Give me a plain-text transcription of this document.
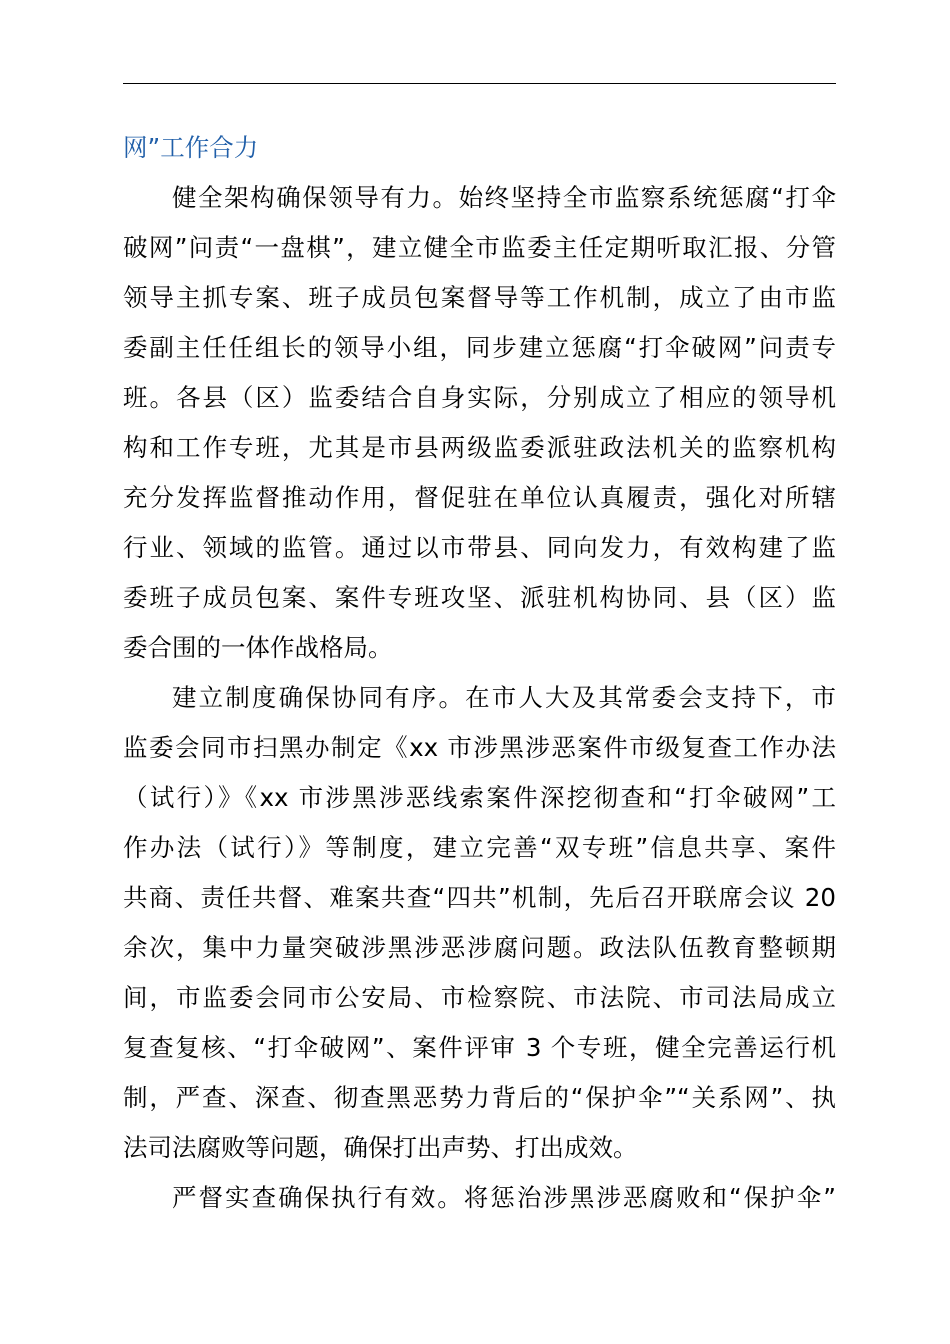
网”工作合力
健全架构确保领导有力。始终坚持全市监察系统惩腐“打伞
破网”问责“一盘棋”，建立健全市监委主任定期听取汇报、分管
领导主抓专案、班子成员包案督导等工作机制，成立了由市监
委副主任任组长的领导小组，同步建立惩腐“打伞破网”问责专
班。各县（区）监委结合自身实际，分别成立了相应的领导机
构和工作专班，尤其是市县两级监委派驻政法机关的监察机构
充分发挥监督推动作用，督促驻在单位认真履责，强化对所辖
行业、领域的监管。通过以市带县、同向发力，有效构建了监
委班子成员包案、案件专班攻坚、派驻机构协同、县（区）监
委合围的一体作战格局。
建立制度确保协同有序。在市人大及其常委会支持下，市
监委会同市扫黑办制定《xx 市涉黑涉恶案件市级复查工作办法
（试行）》《xx 市涉黑涉恶线索案件深挖彻查和“打伞破网”工
作办法（试行）》等制度，建立完善“双专班”信息共享、案件
共商、责任共督、难案共查“四共”机制，先后召开联席会议 20
余次，集中力量突破涉黑涉恶涉腐问题。政法队伍教育整顿期
间，市监委会同市公安局、市检察院、市法院、市司法局成立
复查复核、“打伞破网”、案件评审 3 个专班，健全完善运行机
制，严查、深查、彻查黑恶势力背后的“保护伞”“关系网”、执
法司法腐败等问题，确保打出声势、打出成效。
严督实查确保执行有效。将惩治涉黑涉恶腐败和“保护伞”
